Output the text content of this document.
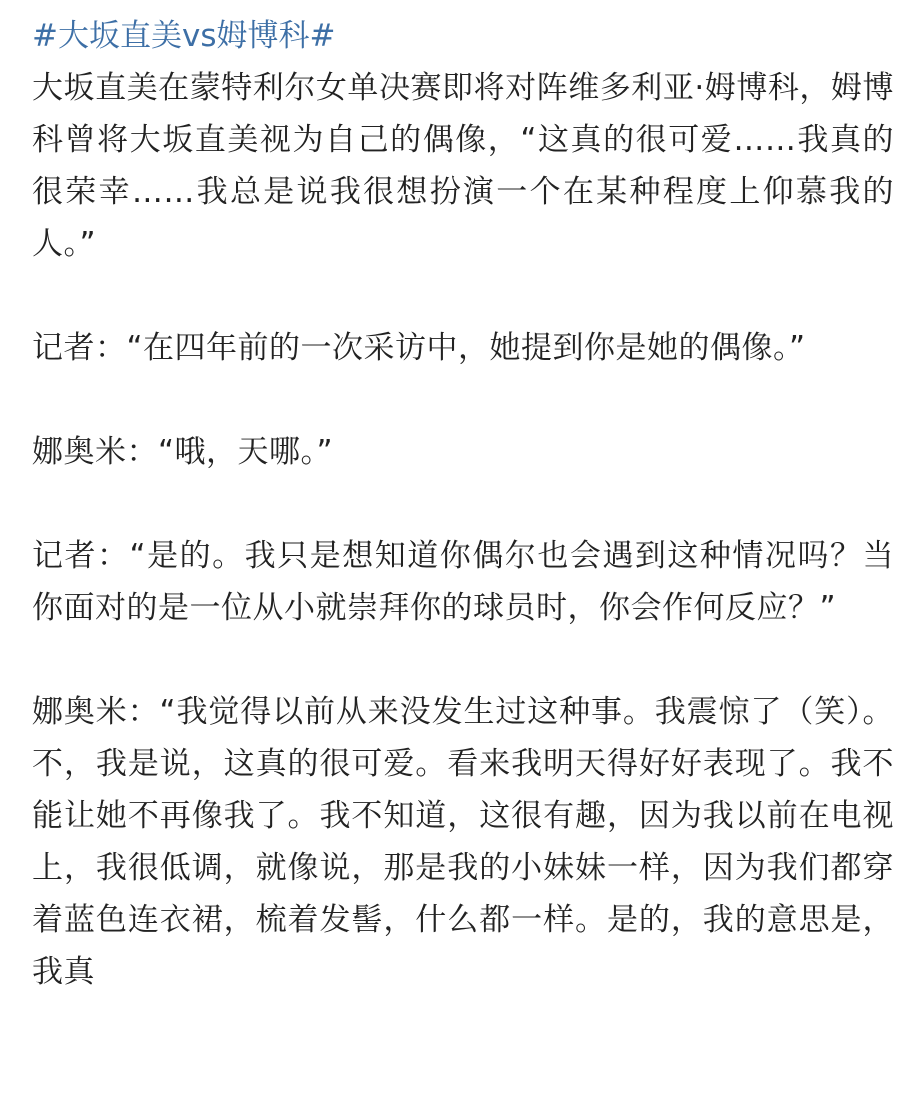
#大坂直美vs姆博科#

大坂直美在蒙特利尔女单决赛即将对阵维多利亚·姆博科，姆博科曾将大坂直美视为自己的偶像，“这真的很可爱……我真的很荣幸……我总是说我很想扮演一个在某种程度上仰慕我的人。”

记者：“在四年前的一次采访中，她提到你是她的偶像。”

娜奥米：“哦，天哪。”

记者：“是的。我只是想知道你偶尔也会遇到这种情况吗？当你面对的是一位从小就崇拜你的球员时，你会作何反应？”

娜奥米：“我觉得以前从来没发生过这种事。我震惊了（笑）。不，我是说，这真的很可爱。看来我明天得好好表现了。我不能让她不再像我了。我不知道，这很有趣，因为我以前在电视上，我很低调，就像说，那是我的小妹妹一样，因为我们都穿着蓝色连衣裙，梳着发髻，什么都一样。是的，我的意思是，我真
